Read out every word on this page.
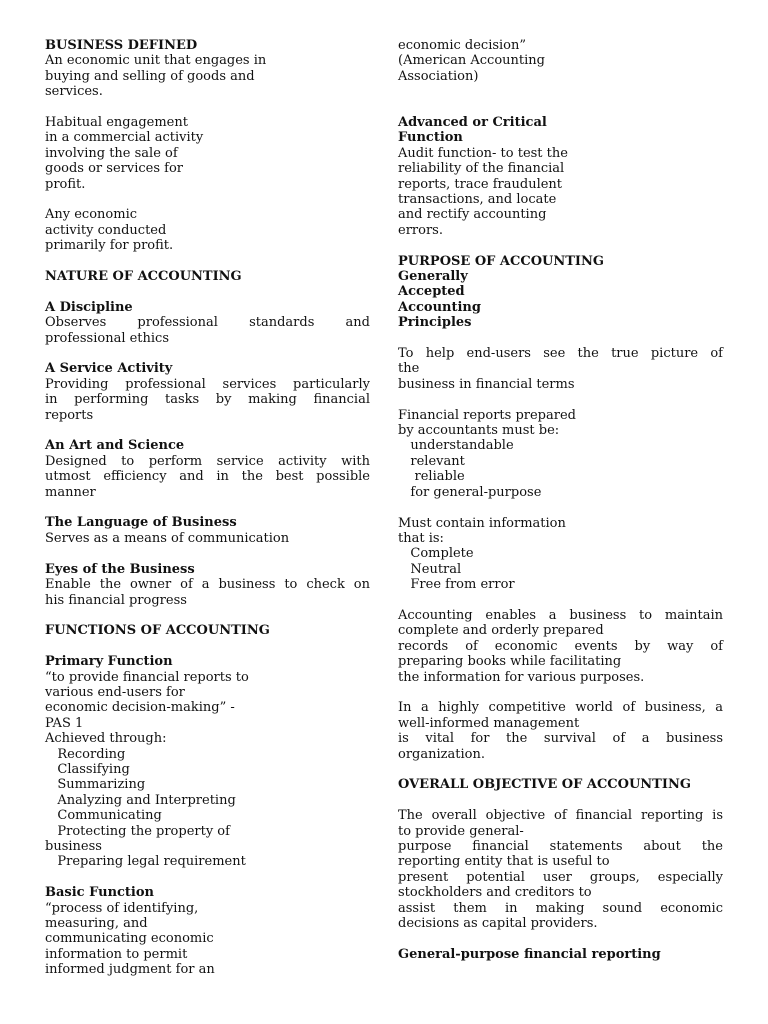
BUSINESS DEFINED
An economic unit that engages in
buying and selling of goods and
services.
Habitual engagement
in a commercial activity
involving the sale of
goods or services for
profit.
Any economic
activity conducted
primarily for profit.
NATURE OF ACCOUNTING
A Discipline
Observes professional standards and
professional ethics
A Service Activity
Providing professional services particularly
in performing tasks by making financial
reports
An Art and Science
Designed to perform service activity with
utmost efficiency and in the best possible
manner
The Language of Business
Serves as a means of communication
Eyes of the Business
Enable the owner of a business to check on
his financial progress
FUNCTIONS OF ACCOUNTING
Primary Function
“to provide financial reports to
various end-users for
economic decision-making” -
PAS 1
Achieved through:
Recording
Classifying
Summarizing
Analyzing and Interpreting
Communicating
Protecting the property of
business
Preparing legal requirement
Basic Function
“process of identifying,
measuring, and
communicating economic
information to permit
informed judgment for an
economic decision”
(American Accounting
Association)
Advanced or Critical
Function
Audit function- to test the
reliability of the financial
reports, trace fraudulent
transactions, and locate
and rectify accounting
errors.
PURPOSE OF ACCOUNTING
Generally
Accepted
Accounting
Principles
To help end-users see the true picture of
the
business in financial terms
Financial reports prepared
by accountants must be:
understandable
relevant
reliable
for general-purpose
Must contain information
that is:
Complete
Neutral
Free from error
Accounting enables a business to maintain
complete and orderly prepared
records of economic events by way of
preparing books while facilitating
the information for various purposes.
In a highly competitive world of business, a
well-informed management
is vital for the survival of a business
organization.
OVERALL OBJECTIVE OF ACCOUNTING
The overall objective of financial reporting is
to provide general-
purpose financial statements about the
reporting entity that is useful to
present potential user groups, especially
stockholders and creditors to
assist them in making sound economic
decisions as capital providers.
General-purpose financial reporting
